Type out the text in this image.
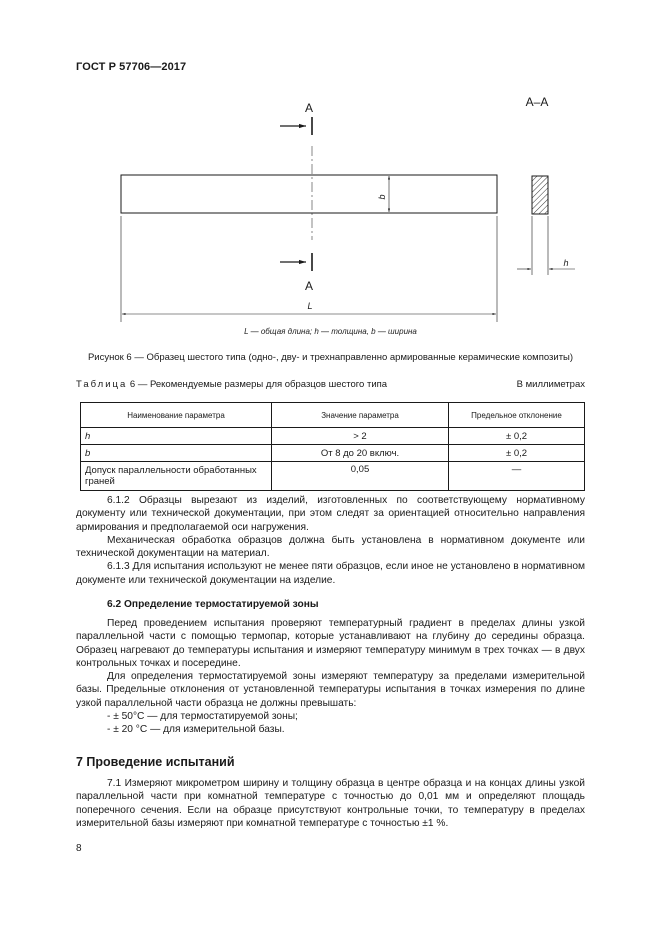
ГОСТ Р 57706—2017
А–А
А
b
А
L
h
L — общая длина; h — толщина, b — ширина
Рисунок 6 — Образец шестого типа (одно-, дву- и трехнаправленно армированные керамические композиты)
Таблица 6 — Рекомендуемые размеры для образцов шестого типа	В миллиметрах
Наименование параметра	Значение параметра	Предельное отклонение
h	> 2	± 0,2
b	От 8 до 20 включ.	± 0,2
Допуск параллельности обработанных граней	0,05	—

6.1.2 Образцы вырезают из изделий, изготовленных по соответствующему нормативному документу или технической документации, при этом следят за ориентацией относительно направления армирования и предполагаемой оси нагружения.

Механическая обработка образцов должна быть установлена в нормативном документе или технической документации на материал.

6.1.3 Для испытания используют не менее пяти образцов, если иное не установлено в нормативном документе или технической документации на изделие.

6.2 Определение термостатируемой зоны

Перед проведением испытания проверяют температурный градиент в пределах длины узкой параллельной части с помощью термопар, которые устанавливают на глубину до середины образца. Образец нагревают до температуры испытания и измеряют температуру минимум в трех точках — в двух контрольных точках и посередине.

Для определения термостатируемой зоны измеряют температуру за пределами измерительной базы. Предельные отклонения от установленной температуры испытания в точках измерения по длине узкой параллельной части образца не должны превышать:

- ± 50°С — для термостатируемой зоны;

- ± 20 °С — для измерительной базы.

7 Проведение испытаний

7.1 Измеряют микрометром ширину и толщину образца в центре образца и на концах длины узкой параллельной части при комнатной температуре с точностью до 0,01 мм и определяют площадь поперечного сечения. Если на образце присутствуют контрольные точки, то температуру в пределах измерительной базы измеряют при комнатной температуре с точностью ±1 %.

8
